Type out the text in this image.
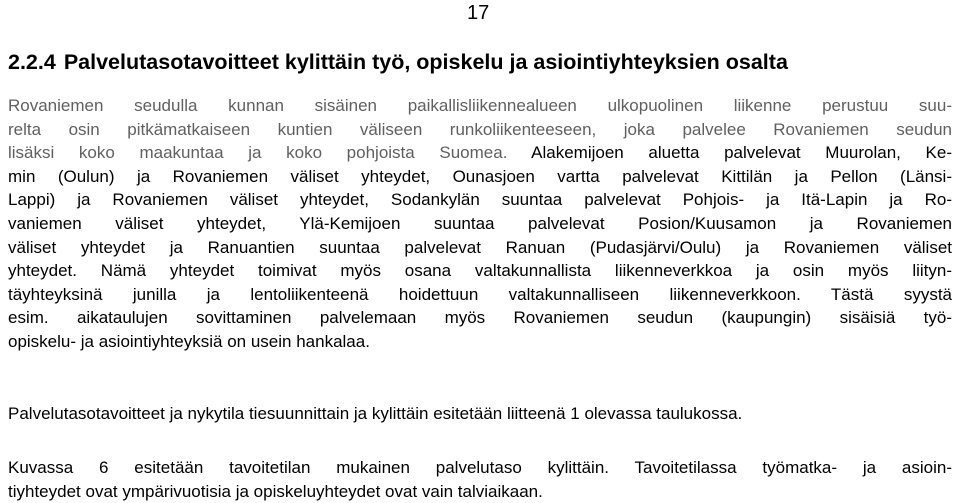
17
2.2.4 Palvelutasotavoitteet kylittäin työ, opiskelu ja asiointiyhteyksien osalta
Rovaniemen seudulla kunnan sisäinen paikallisliikennealueen ulkopuolinen liikenne perustuu suu-
relta osin pitkämatkaiseen kuntien väliseen runkoliikenteeseen, joka palvelee Rovaniemen seudun
lisäksi koko maakuntaa ja koko pohjoista Suomea. Alakemijoen aluetta palvelevat Muurolan, Ke-
min (Oulun) ja Rovaniemen väliset yhteydet, Ounasjoen vartta palvelevat Kittilän ja Pellon (Länsi-
Lappi) ja Rovaniemen väliset yhteydet, Sodankylän suuntaa palvelevat Pohjois- ja Itä-Lapin ja Ro-
vaniemen väliset yhteydet, Ylä-Kemijoen suuntaa palvelevat Posion/Kuusamon ja Rovaniemen
väliset yhteydet ja Ranuantien suuntaa palvelevat Ranuan (Pudasjärvi/Oulu) ja Rovaniemen väliset
yhteydet. Nämä yhteydet toimivat myös osana valtakunnallista liikenneverkkoa ja osin myös liityn-
täyhteyksinä junilla ja lentoliikenteenä hoidettuun valtakunnalliseen liikenneverkkoon. Tästä syystä
esim. aikataulujen sovittaminen palvelemaan myös Rovaniemen seudun (kaupungin) sisäisiä työ-
opiskelu- ja asiointiyhteyksiä on usein hankalaa.
Palvelutasotavoitteet ja nykytila tiesuunnittain ja kylittäin esitetään liitteenä 1 olevassa taulukossa.
Kuvassa 6 esitetään tavoitetilan mukainen palvelutaso kylittäin. Tavoitetilassa työmatka- ja asioin-
tiyhteydet ovat ympärivuotisia ja opiskeluyhteydet ovat vain talviaikaan.
